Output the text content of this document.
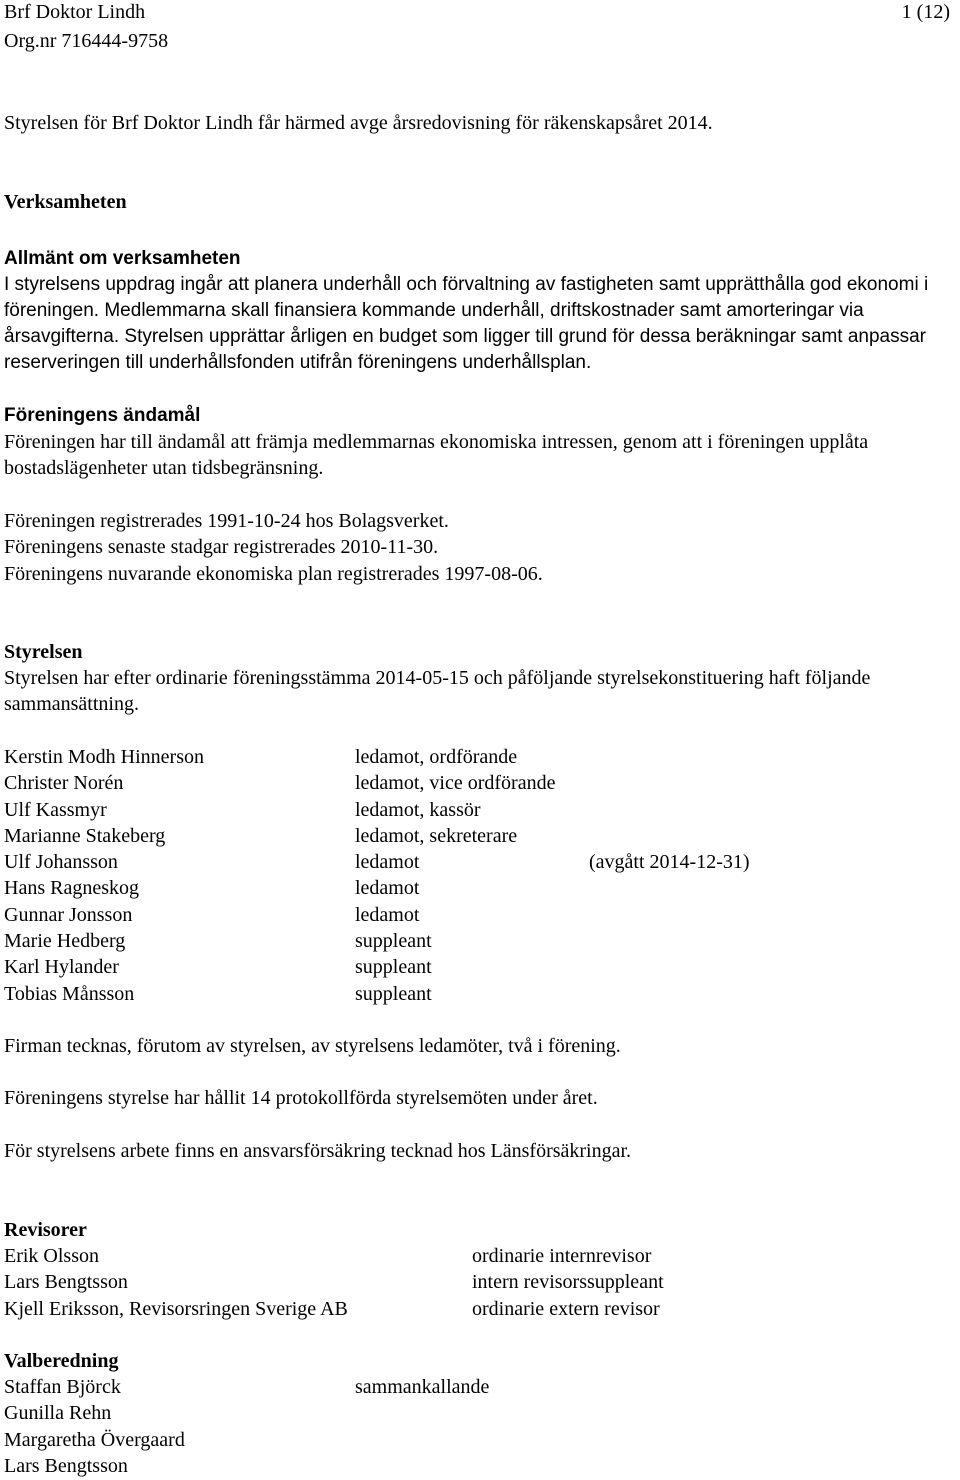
Brf Doktor Lindh
Org.nr 716444-9758
1 (12)
Styrelsen för Brf Doktor Lindh får härmed avge årsredovisning för räkenskapsåret 2014.
Verksamheten
Allmänt om verksamheten
I styrelsens uppdrag ingår att planera underhåll och förvaltning av fastigheten samt upprätthålla god ekonomi i föreningen. Medlemmarna skall finansiera kommande underhåll, driftskostnader samt amorteringar via årsavgifterna. Styrelsen upprättar årligen en budget som ligger till grund för dessa beräkningar samt anpassar reserveringen till underhållsfonden utifrån föreningens underhållsplan.
Föreningens ändamål
Föreningen har till ändamål att främja medlemmarnas ekonomiska intressen, genom att i föreningen upplåta bostadslägenheter utan tidsbegränsning.
Föreningen registrerades 1991-10-24 hos Bolagsverket.
Föreningens senaste stadgar registrerades 2010-11-30.
Föreningens nuvarande ekonomiska plan registrerades 1997-08-06.
Styrelsen
Styrelsen har efter ordinarie föreningsstämma 2014-05-15 och påföljande styrelsekonstituering haft följande sammansättning.
Kerstin Modh Hinnerson	ledamot, ordförande
Christer Norén	ledamot, vice ordförande
Ulf Kassmyr	ledamot, kassör
Marianne Stakeberg	ledamot, sekreterare
Ulf Johansson	ledamot	(avgått 2014-12-31)
Hans Ragneskog	ledamot
Gunnar Jonsson	ledamot
Marie Hedberg	suppleant
Karl Hylander	suppleant
Tobias Månsson	suppleant
Firman tecknas, förutom av styrelsen, av styrelsens ledamöter, två i förening.
Föreningens styrelse har hållit 14 protokollförda styrelsemöten under året.
För styrelsens arbete finns en ansvarsförsäkring tecknad hos Länsförsäkringar.
Revisorer
Erik Olsson	ordinarie internrevisor
Lars Bengtsson	intern revisorssuppleant
Kjell Eriksson, Revisorsringen Sverige AB	ordinarie extern revisor
Valberedning
Staffan Björck	sammankallande
Gunilla Rehn
Margaretha Övergaard
Lars Bengtsson
